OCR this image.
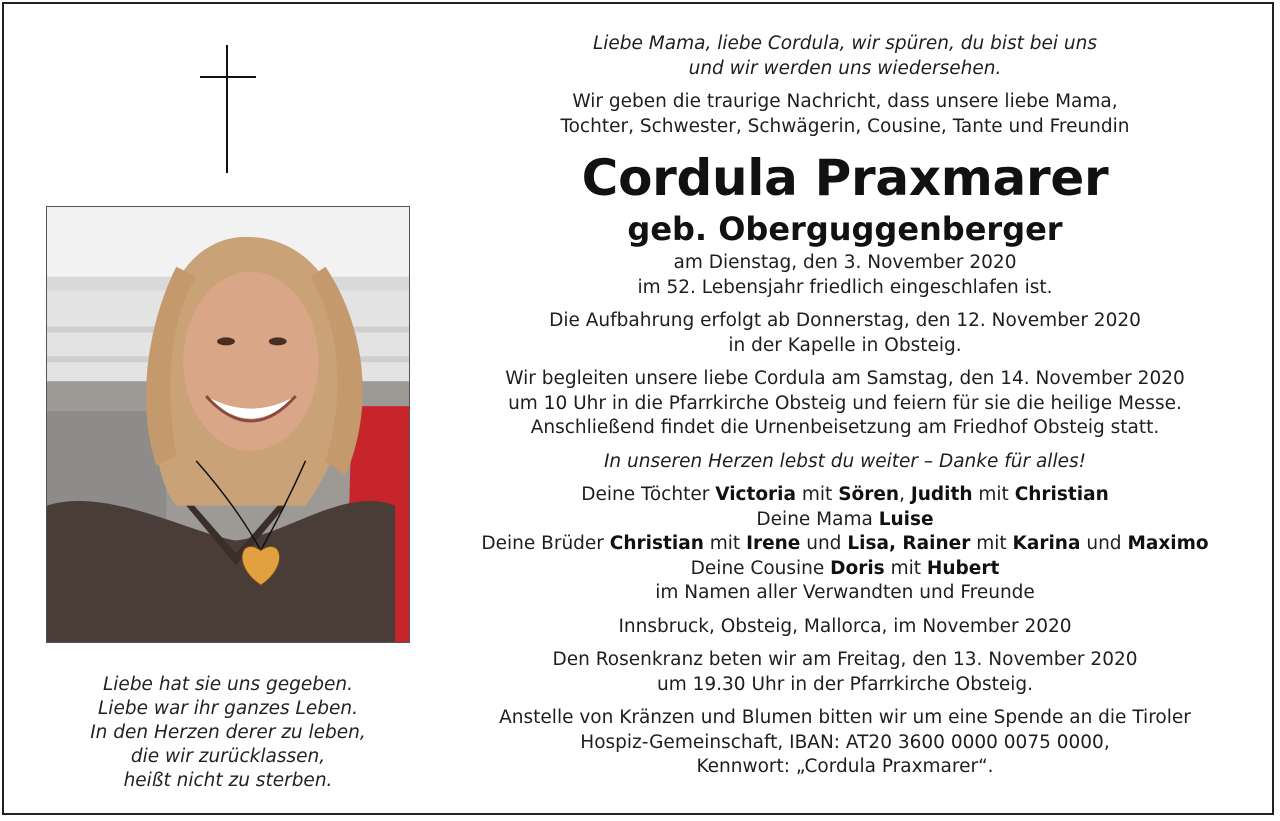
Liebe hat sie uns gegeben.
Liebe war ihr ganzes Leben.
In den Herzen derer zu leben,
die wir zurücklassen,
heißt nicht zu sterben.
Liebe Mama, liebe Cordula, wir spüren, du bist bei uns
und wir werden uns wiedersehen.
Wir geben die traurige Nachricht, dass unsere liebe Mama,
Tochter, Schwester, Schwägerin, Cousine, Tante und Freundin
Cordula Praxmarer
geb. Oberguggenberger
am Dienstag, den 3. November 2020
im 52. Lebensjahr friedlich eingeschlafen ist.
Die Aufbahrung erfolgt ab Donnerstag, den 12. November 2020
in der Kapelle in Obsteig.
Wir begleiten unsere liebe Cordula am Samstag, den 14. November 2020
um 10 Uhr in die Pfarrkirche Obsteig und feiern für sie die heilige Messe.
Anschließend findet die Urnenbeisetzung am Friedhof Obsteig statt.
In unseren Herzen lebst du weiter – Danke für alles!
Deine Töchter Victoria mit Sören, Judith mit Christian
Deine Mama Luise
Deine Brüder Christian mit Irene und Lisa, Rainer mit Karina und Maximo
Deine Cousine Doris mit Hubert
im Namen aller Verwandten und Freunde
Innsbruck, Obsteig, Mallorca, im November 2020
Den Rosenkranz beten wir am Freitag, den 13. November 2020
um 19.30 Uhr in der Pfarrkirche Obsteig.
Anstelle von Kränzen und Blumen bitten wir um eine Spende an die Tiroler
Hospiz-Gemeinschaft, IBAN: AT20 3600 0000 0075 0000,
Kennwort: „Cordula Praxmarer“.
